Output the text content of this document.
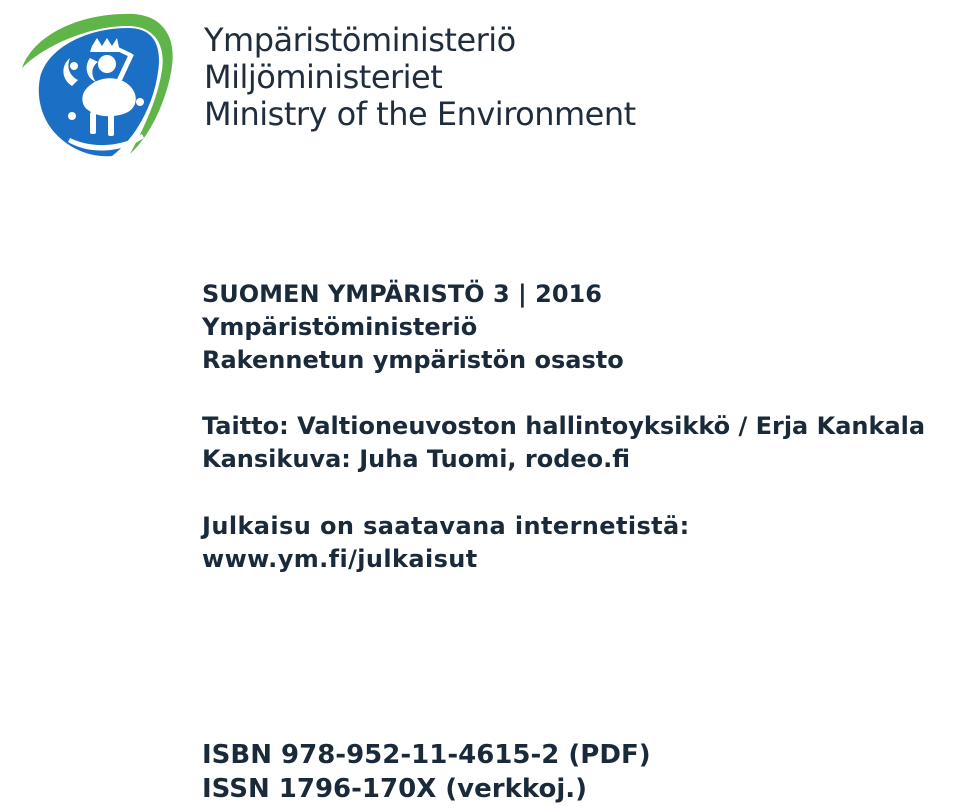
Ympäristöministeriö
Miljöministeriet
Ministry of the Environment
SUOMEN YMPÄRISTÖ 3 | 2016
Ympäristöministeriö
Rakennetun ympäristön osasto
Taitto: Valtioneuvoston hallintoyksikkö / Erja Kankala
Kansikuva: Juha Tuomi, rodeo.fi
Julkaisu on saatavana internetistä:
www.ym.fi/julkaisut
ISBN 978-952-11-4615-2 (PDF)
ISSN 1796-170X (verkkoj.)
